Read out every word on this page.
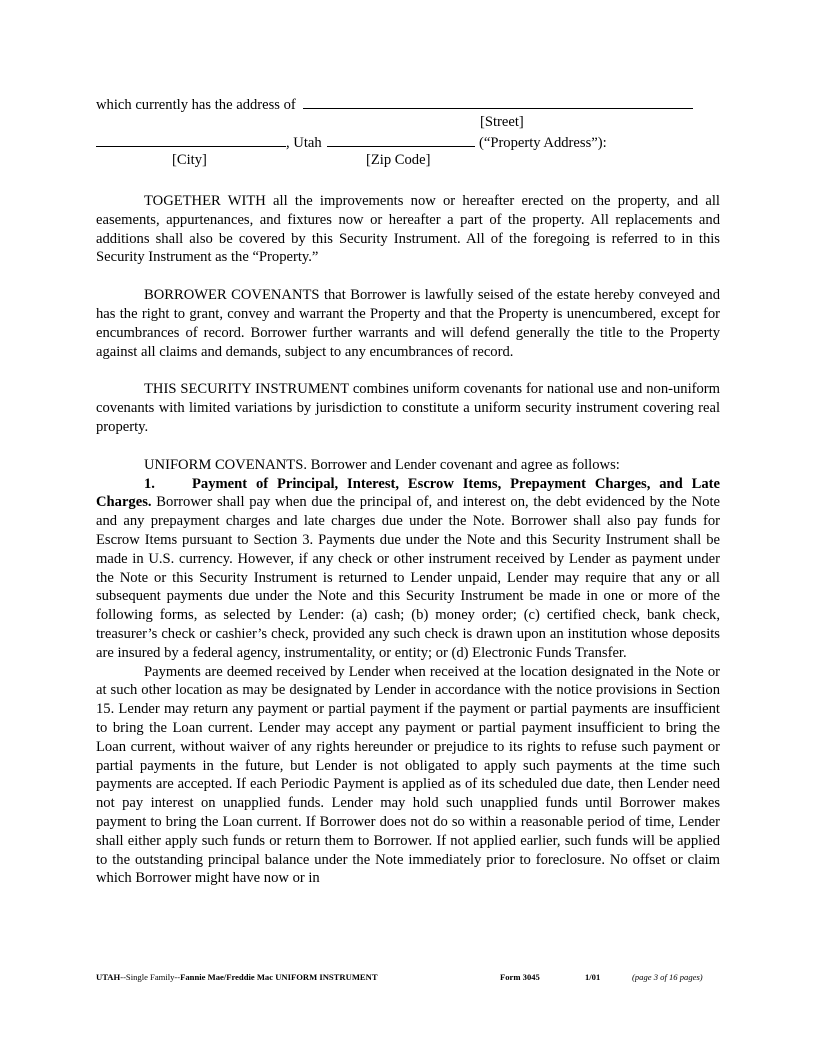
which currently has the address of
[Street]
, Utah	(“Property Address”):
[City]	[Zip Code]

TOGETHER WITH all the improvements now or hereafter erected on the property, and all easements, appurtenances, and fixtures now or hereafter a part of the property. All replacements and additions shall also be covered by this Security Instrument. All of the foregoing is referred to in this Security Instrument as the “Property.”

BORROWER COVENANTS that Borrower is lawfully seised of the estate hereby conveyed and has the right to grant, convey and warrant the Property and that the Property is unencumbered, except for encumbrances of record. Borrower further warrants and will defend generally the title to the Property against all claims and demands, subject to any encumbrances of record.

THIS SECURITY INSTRUMENT combines uniform covenants for national use and non-uniform covenants with limited variations by jurisdiction to constitute a uniform security instrument covering real property.

UNIFORM COVENANTS. Borrower and Lender covenant and agree as follows:

1.	Payment of Principal, Interest, Escrow Items, Prepayment Charges, and Late Charges. Borrower shall pay when due the principal of, and interest on, the debt evidenced by the Note and any prepayment charges and late charges due under the Note. Borrower shall also pay funds for Escrow Items pursuant to Section 3. Payments due under the Note and this Security Instrument shall be made in U.S. currency. However, if any check or other instrument received by Lender as payment under the Note or this Security Instrument is returned to Lender unpaid, Lender may require that any or all subsequent payments due under the Note and this Security Instrument be made in one or more of the following forms, as selected by Lender: (a) cash; (b) money order; (c) certified check, bank check, treasurer’s check or cashier’s check, provided any such check is drawn upon an institution whose deposits are insured by a federal agency, instrumentality, or entity; or (d) Electronic Funds Transfer.

Payments are deemed received by Lender when received at the location designated in the Note or at such other location as may be designated by Lender in accordance with the notice provisions in Section 15. Lender may return any payment or partial payment if the payment or partial payments are insufficient to bring the Loan current. Lender may accept any payment or partial payment insufficient to bring the Loan current, without waiver of any rights hereunder or prejudice to its rights to refuse such payment or partial payments in the future, but Lender is not obligated to apply such payments at the time such payments are accepted. If each Periodic Payment is applied as of its scheduled due date, then Lender need not pay interest on unapplied funds. Lender may hold such unapplied funds until Borrower makes payment to bring the Loan current. If Borrower does not do so within a reasonable period of time, Lender shall either apply such funds or return them to Borrower. If not applied earlier, such funds will be applied to the outstanding principal balance under the Note immediately prior to foreclosure. No offset or claim which Borrower might have now or in

UTAH--Single Family--Fannie Mae/Freddie Mac UNIFORM INSTRUMENT	Form 3045	1/01	(page 3 of 16 pages)
